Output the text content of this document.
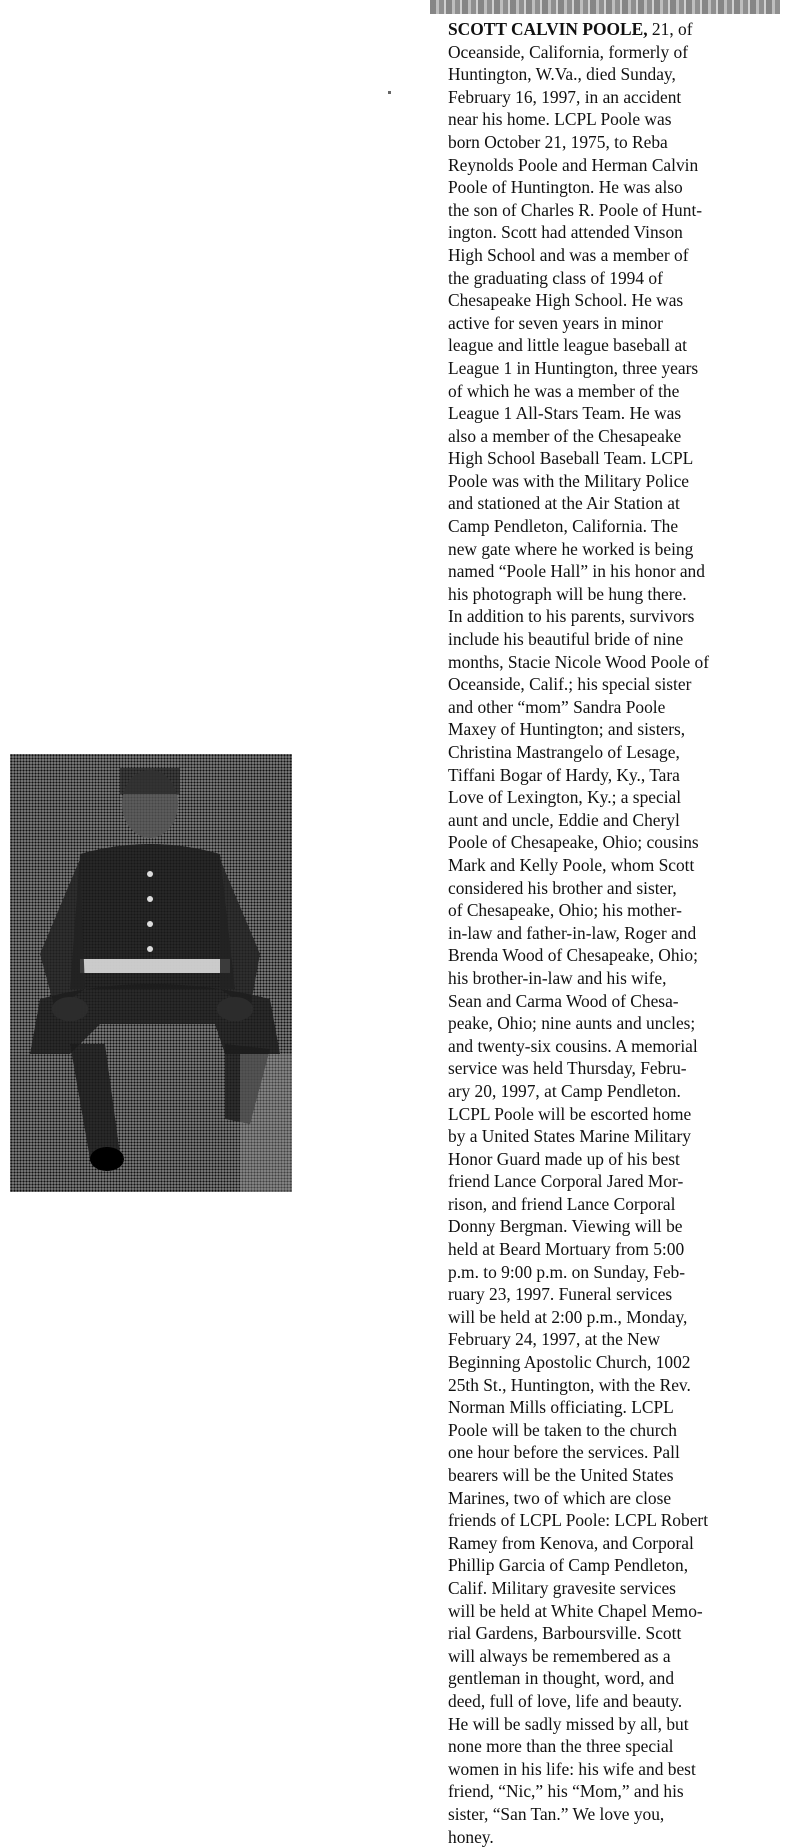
SCOTT CALVIN POOLE, 21, of
Oceanside, California, formerly of
Huntington, W.Va., died Sunday,
February 16, 1997, in an accident
near his home. LCPL Poole was
born October 21, 1975, to Reba
Reynolds Poole and Herman Calvin
Poole of Huntington. He was also
the son of Charles R. Poole of Hunt-
ington. Scott had attended Vinson
High School and was a member of
the graduating class of 1994 of
Chesapeake High School. He was
active for seven years in minor
league and little league baseball at
League 1 in Huntington, three years
of which he was a member of the
League 1 All-Stars Team. He was
also a member of the Chesapeake
High School Baseball Team. LCPL
Poole was with the Military Police
and stationed at the Air Station at
Camp Pendleton, California. The
new gate where he worked is being
named “Poole Hall” in his honor and
his photograph will be hung there.
In addition to his parents, survivors
include his beautiful bride of nine
months, Stacie Nicole Wood Poole of
Oceanside, Calif.; his special sister
and other “mom” Sandra Poole
Maxey of Huntington; and sisters,
Christina Mastrangelo of Lesage,
Tiffani Bogar of Hardy, Ky., Tara
Love of Lexington, Ky.; a special
aunt and uncle, Eddie and Cheryl
Poole of Chesapeake, Ohio; cousins
Mark and Kelly Poole, whom Scott
considered his brother and sister,
of Chesapeake, Ohio; his mother-
in-law and father-in-law, Roger and
Brenda Wood of Chesapeake, Ohio;
his brother-in-law and his wife,
Sean and Carma Wood of Chesa-
peake, Ohio; nine aunts and uncles;
and twenty-six cousins. A memorial
service was held Thursday, Febru-
ary 20, 1997, at Camp Pendleton.
LCPL Poole will be escorted home
by a United States Marine Military
Honor Guard made up of his best
friend Lance Corporal Jared Mor-
rison, and friend Lance Corporal
Donny Bergman. Viewing will be
held at Beard Mortuary from 5:00
p.m. to 9:00 p.m. on Sunday, Feb-
ruary 23, 1997. Funeral services
will be held at 2:00 p.m., Monday,
February 24, 1997, at the New
Beginning Apostolic Church, 1002
25th St., Huntington, with the Rev.
Norman Mills officiating. LCPL
Poole will be taken to the church
one hour before the services. Pall
bearers will be the United States
Marines, two of which are close
friends of LCPL Poole: LCPL Robert
Ramey from Kenova, and Corporal
Phillip Garcia of Camp Pendleton,
Calif. Military gravesite services
will be held at White Chapel Memo-
rial Gardens, Barboursville. Scott
will always be remembered as a
gentleman in thought, word, and
deed, full of love, life and beauty.
He will be sadly missed by all, but
none more than the three special
women in his life: his wife and best
friend, “Nic,” his “Mom,” and his
sister, “San Tan.” We love you,
honey.
